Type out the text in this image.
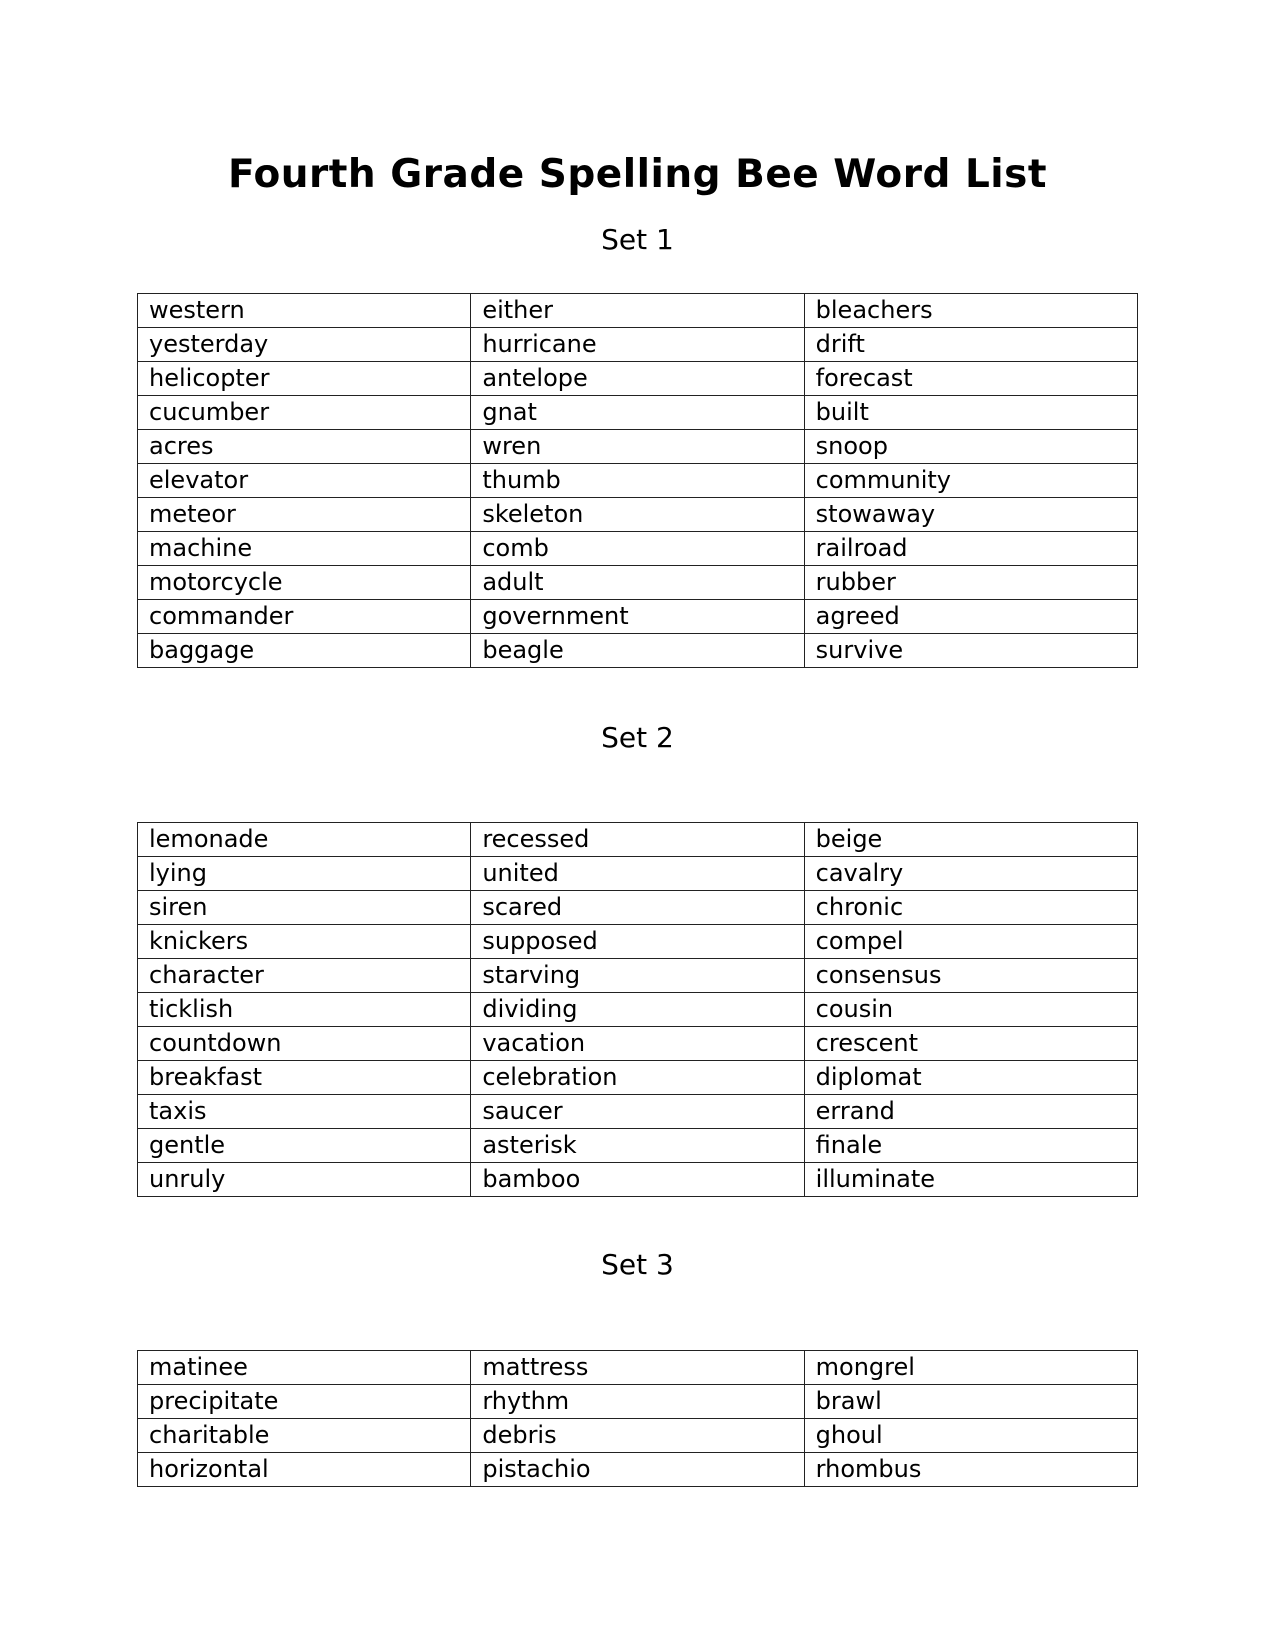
Fourth Grade Spelling Bee Word List
Set 1
western	either	bleachers
yesterday	hurricane	drift
helicopter	antelope	forecast
cucumber	gnat	built
acres	wren	snoop
elevator	thumb	community
meteor	skeleton	stowaway
machine	comb	railroad
motorcycle	adult	rubber
commander	government	agreed
baggage	beagle	survive
Set 2
lemonade	recessed	beige
lying	united	cavalry
siren	scared	chronic
knickers	supposed	compel
character	starving	consensus
ticklish	dividing	cousin
countdown	vacation	crescent
breakfast	celebration	diplomat
taxis	saucer	errand
gentle	asterisk	finale
unruly	bamboo	illuminate
Set 3
matinee	mattress	mongrel
precipitate	rhythm	brawl
charitable	debris	ghoul
horizontal	pistachio	rhombus
